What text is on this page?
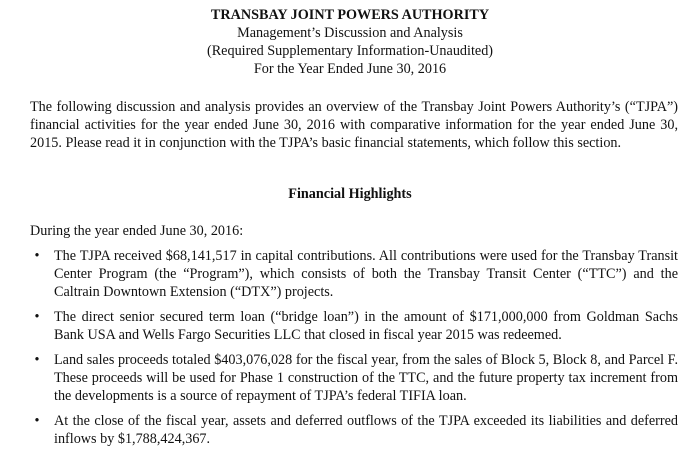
TRANSBAY JOINT POWERS AUTHORITY
Management’s Discussion and Analysis
(Required Supplementary Information-Unaudited)
For the Year Ended June 30, 2016

The following discussion and analysis provides an overview of the Transbay Joint Powers Authority’s (“TJPA”) financial activities for the year ended June 30, 2016 with comparative information for the year ended June 30, 2015. Please read it in conjunction with the TJPA’s basic financial statements, which follow this section.

Financial Highlights
During the year ended June 30, 2016:
•	The TJPA received $68,141,517 in capital contributions. All contributions were used for the Transbay Transit Center Program (the “Program”), which consists of both the Transbay Transit Center (“TTC”) and the Caltrain Downtown Extension (“DTX”) projects.
•	The direct senior secured term loan (“bridge loan”) in the amount of $171,000,000 from Goldman Sachs Bank USA and Wells Fargo Securities LLC that closed in fiscal year 2015 was redeemed.
•	Land sales proceeds totaled $403,076,028 for the fiscal year, from the sales of Block 5, Block 8, and Parcel F. These proceeds will be used for Phase 1 construction of the TTC, and the future property tax increment from the developments is a source of repayment of TJPA’s federal TIFIA loan.
•	At the close of the fiscal year, assets and deferred outflows of the TJPA exceeded its liabilities and deferred inflows by $1,788,424,367.
